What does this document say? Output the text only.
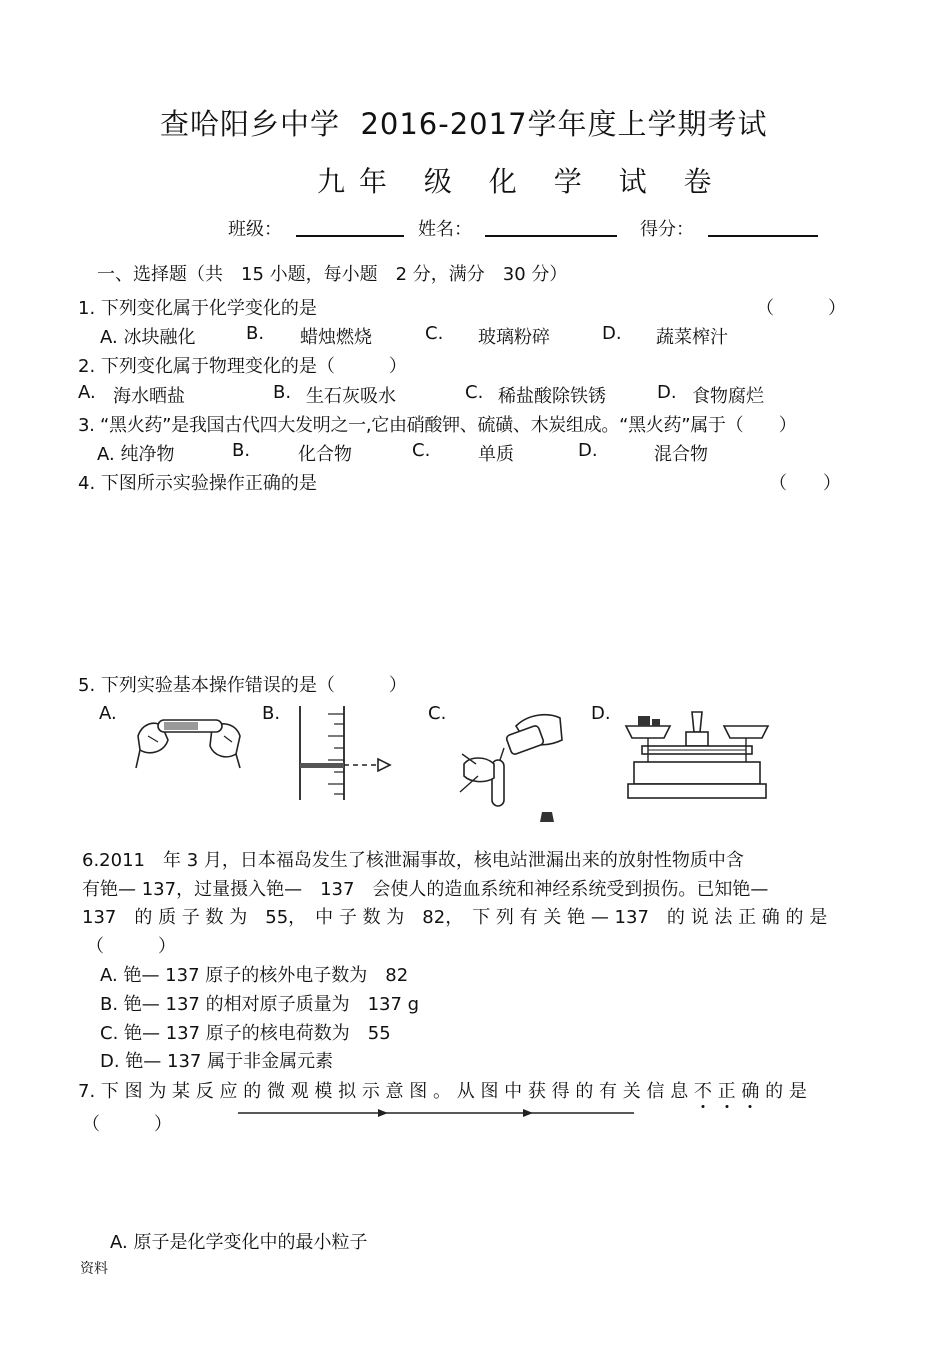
查哈阳乡中学 2016-2017学年度上学期考试
九年 级 化 学 试 卷
班级：	姓名：	得分：
一、选择题（共　15 小题，每小题　2 分，满分　30 分）
1. 下列变化属于化学变化的是	（　　　）
A. 冰块融化	B. 蜡烛燃烧	C. 玻璃粉碎	D. 蔬菜榨汁
2. 下列变化属于物理变化的是（　　　）
A. 海水晒盐	B. 生石灰吸水	C. 稀盐酸除铁锈	D. 食物腐烂
3. “黑火药”是我国古代四大发明之一,它由硝酸钾、硫磺、木炭组成。“黑火药”属于（　　）
A. 纯净物	B.	化合物	C.	单质	D.	混合物
4. 下图所示实验操作正确的是	（　　）
5. 下列实验基本操作错误的是（　　　）
A.	B.	C.	D.
6.2011　年 3 月，日本福岛发生了核泄漏事故，核电站泄漏出来的放射性物质中含
有铯— 137，过量摄入铯—　137　会使人的造血系统和神经系统受到损伤。已知铯—
137　的 质 子 数 为　55，　中 子 数 为　82，　下 列 有 关 铯 — 137　的 说 法 正 确 的 是
（　　　）
A. 铯— 137 原子的核外电子数为　82
B. 铯— 137 的相对原子质量为　137 g
C. 铯— 137 原子的核电荷数为　55
D. 铯— 137 属于非金属元素
7. 下 图 为 某 反 应 的 微 观 模 拟 示 意 图 。 从 图 中 获 得 的 有 关 信 息 不 正 确 的 是
（　　　）
A. 原子是化学变化中的最小粒子
资料
